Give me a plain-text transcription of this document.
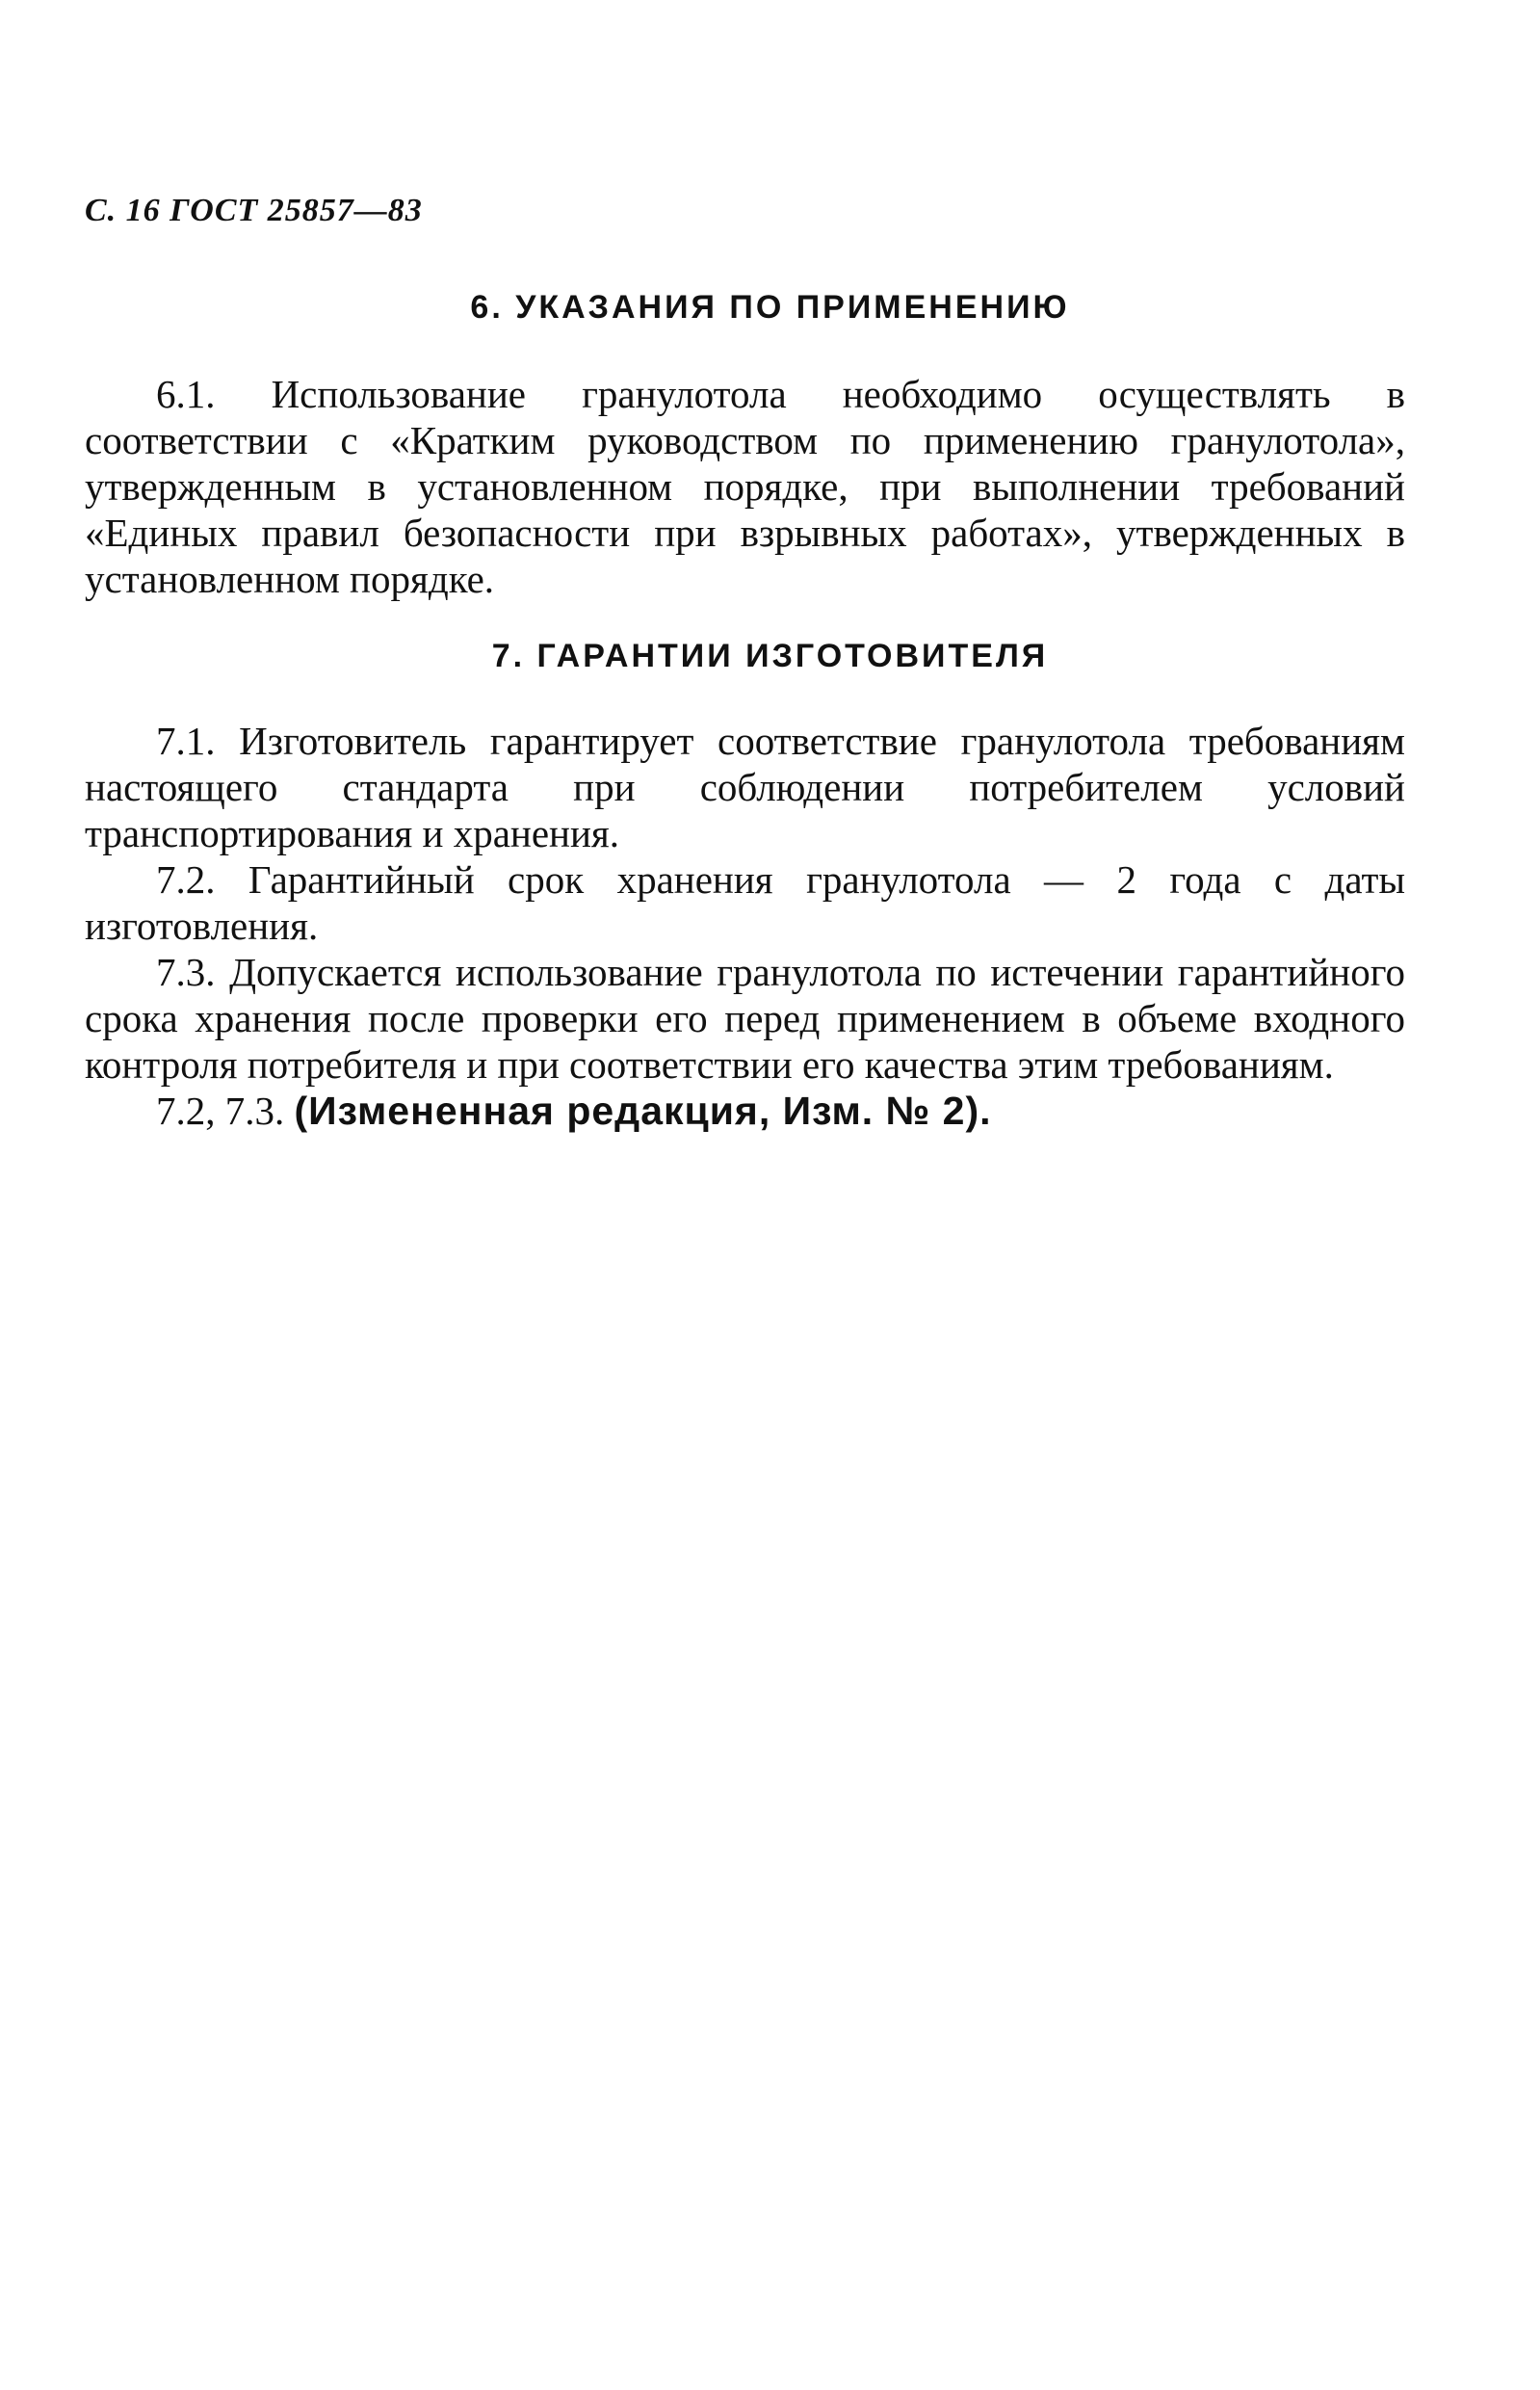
С. 16 ГОСТ 25857—83
6. УКАЗАНИЯ ПО ПРИМЕНЕНИЮ

6.1. Использование гранулотола необходимо осуществлять в соответствии с «Кратким руководством по применению гранулотола», утвержденным в установленном порядке, при выполнении требований «Единых правил безопасности при взрывных работах», утвержденных в установленном порядке.

7. ГАРАНТИИ ИЗГОТОВИТЕЛЯ

7.1. Изготовитель гарантирует соответствие гранулотола требованиям настоящего стандарта при соблюдении потребителем условий транспортирования и хранения.

7.2. Гарантийный срок хранения гранулотола — 2 года с даты изготовления.

7.3. Допускается использование гранулотола по истечении гарантийного срока хранения после проверки его перед применением в объеме входного контроля потребителя и при соответствии его качества этим требованиям.

7.2, 7.3. (Измененная редакция, Изм. № 2).
